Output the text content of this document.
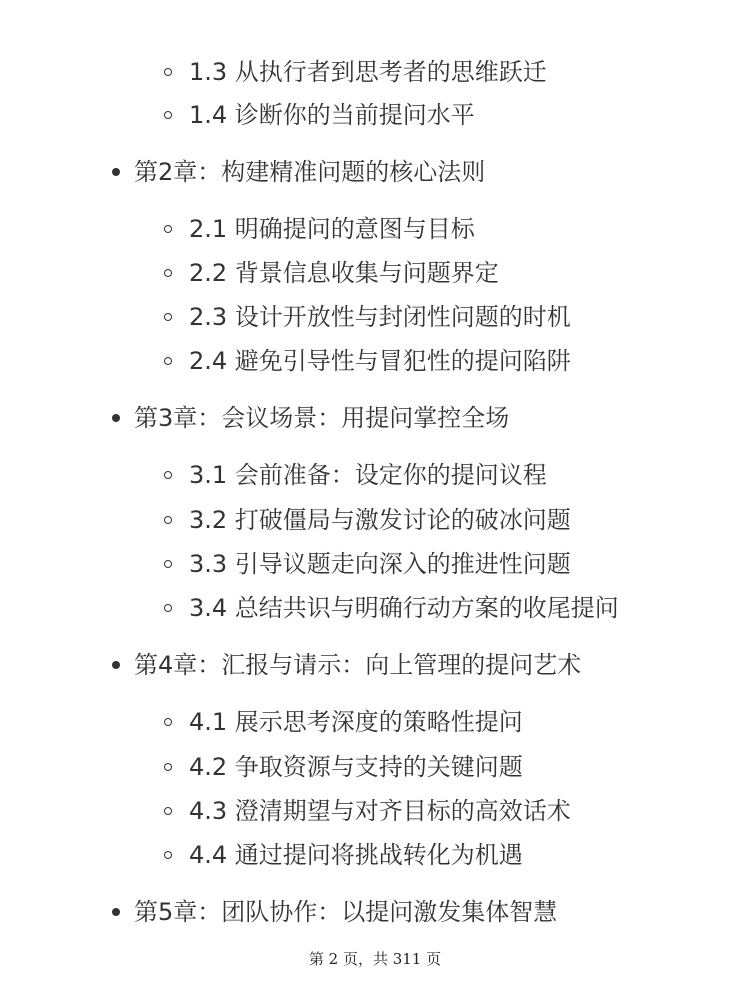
1.3 从执行者到思考者的思维跃迁
1.4 诊断你的当前提问水平
第2章：构建精准问题的核心法则
2.1 明确提问的意图与目标
2.2 背景信息收集与问题界定
2.3 设计开放性与封闭性问题的时机
2.4 避免引导性与冒犯性的提问陷阱
第3章：会议场景：用提问掌控全场
3.1 会前准备：设定你的提问议程
3.2 打破僵局与激发讨论的破冰问题
3.3 引导议题走向深入的推进性问题
3.4 总结共识与明确行动方案的收尾提问
第4章：汇报与请示：向上管理的提问艺术
4.1 展示思考深度的策略性提问
4.2 争取资源与支持的关键问题
4.3 澄清期望与对齐目标的高效话术
4.4 通过提问将挑战转化为机遇
第5章：团队协作：以提问激发集体智慧
第 2 页，共 311 页
